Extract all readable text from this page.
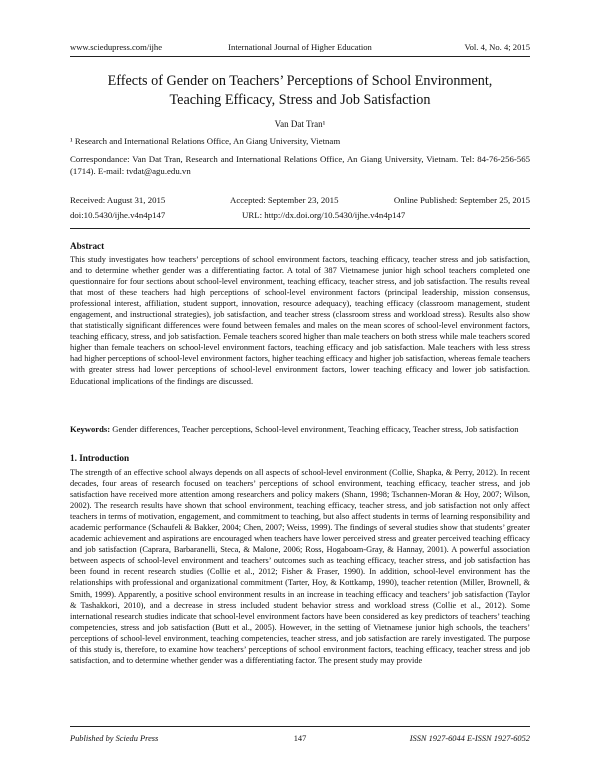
www.sciedupress.com/ijhe	International Journal of Higher Education	Vol. 4, No. 4; 2015
Effects of Gender on Teachers’ Perceptions of School Environment,
Teaching Efficacy, Stress and Job Satisfaction
Van Dat Tran¹
¹ Research and International Relations Office, An Giang University, Vietnam
Correspondance: Van Dat Tran, Research and International Relations Office, An Giang University, Vietnam. Tel: 84-76-256-565 (1714). E-mail: tvdat@agu.edu.vn
Received: August 31, 2015	Accepted: September 23, 2015	Online Published: September 25, 2015
doi:10.5430/ijhe.v4n4p147	URL: http://dx.doi.org/10.5430/ijhe.v4n4p147
Abstract
This study investigates how teachers’ perceptions of school environment factors, teaching efficacy, teacher stress and job satisfaction, and to determine whether gender was a differentiating factor. A total of 387 Vietnamese junior high school teachers completed one questionnaire for four sections about school-level environment, teaching efficacy, teacher stress, and job satisfaction. The results reveal that most of these teachers had high perceptions of school-level environment factors (principal leadership, mission consensus, professional interest, affiliation, student support, innovation, resource adequacy), teaching efficacy (classroom management, student engagement, and instructional strategies), job satisfaction, and teacher stress (classroom stress and workload stress). Results also show that statistically significant differences were found between females and males on the mean scores of school-level environment factors, teaching efficacy, stress, and job satisfaction. Female teachers scored higher than male teachers on both stress while male teachers scored higher than female teachers on school-level environment factors, teaching efficacy and job satisfaction. Male teachers with less stress had higher perceptions of school-level environment factors, higher teaching efficacy and higher job satisfaction, whereas female teachers with greater stress had lower perceptions of school-level environment factors, lower teaching efficacy and lower job satisfaction. Educational implications of the findings are discussed.
Keywords: Gender differences, Teacher perceptions, School-level environment, Teaching efficacy, Teacher stress, Job satisfaction
1. Introduction
The strength of an effective school always depends on all aspects of school-level environment (Collie, Shapka, & Perry, 2012). In recent decades, four areas of research focused on teachers’ perceptions of school environment, teaching efficacy, teacher stress, and job satisfaction have received more attention among researchers and policy makers (Shann, 1998; Tschannen-Moran & Hoy, 2007; Wilson, 2002). The research results have shown that school environment, teaching efficacy, teacher stress, and job satisfaction not only affect teachers in terms of motivation, engagement, and commitment to teaching, but also affect students in terms of learning responsibility and academic performance (Schaufeli & Bakker, 2004; Chen, 2007; Weiss, 1999). The findings of several studies show that students’ greater academic achievement and aspirations are encouraged when teachers have lower perceived stress and greater perceived teaching efficacy and job satisfaction (Caprara, Barbaranelli, Steca, & Malone, 2006; Ross, Hogaboam-Gray, & Hannay, 2001). A powerful association between aspects of school-level environment and teachers’ outcomes such as teaching efficacy, teacher stress, and job satisfaction has been found in recent research studies (Collie et al., 2012; Fisher & Fraser, 1990). In addition, school-level environment has the relationships with professional and organizational commitment (Tarter, Hoy, & Kottkamp, 1990), teacher retention (Miller, Brownell, & Smith, 1999). Apparently, a positive school environment results in an increase in teaching efficacy and teachers’ job satisfaction (Taylor & Tashakkori, 2010), and a decrease in stress included student behavior stress and workload stress (Collie et al., 2012). Some international research studies indicate that school-level environment factors have been considered as key predictors of teachers’ teaching competencies, stress and job satisfaction (Butt et al., 2005). However, in the setting of Vietnamese junior high schools, the teachers’ perceptions of school-level environment, teaching competencies, teacher stress, and job satisfaction are rarely investigated. The purpose of this study is, therefore, to examine how teachers’ perceptions of school environment factors, teaching efficacy, teacher stress and job satisfaction, and to determine whether gender was a differentiating factor. The present study may provide
Published by Sciedu Press	147	ISSN 1927-6044 E-ISSN 1927-6052
